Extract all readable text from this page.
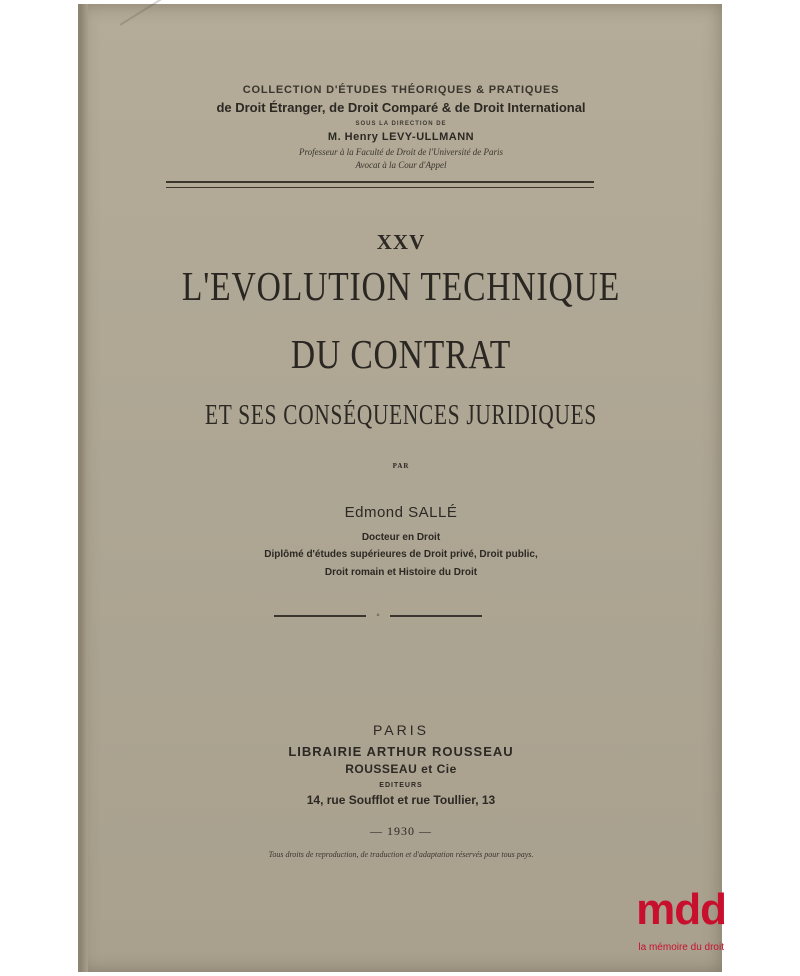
COLLECTION D'ÉTUDES THÉORIQUES & PRATIQUES
de Droit Étranger, de Droit Comparé & de Droit International
SOUS LA DIRECTION DE
M. Henry LEVY-ULLMANN
Professeur à la Faculté de Droit de l'Université de Paris
Avocat à la Cour d'Appel
XXV
L'EVOLUTION TECHNIQUE
DU CONTRAT
ET SES CONSÉQUENCES JURIDIQUES
PAR
Edmond SALLÉ
Docteur en Droit
Diplômé d'études supérieures de Droit privé, Droit public,
Droit romain et Histoire du Droit
◦
PARIS
LIBRAIRIE ARTHUR ROUSSEAU
ROUSSEAU et Cie
EDITEURS
14, rue Soufflot et rue Toullier, 13
— 1930 —
Tous droits de reproduction, de traduction et d'adaptation réservés pour tous pays.
mdd
la mémoire du droit
